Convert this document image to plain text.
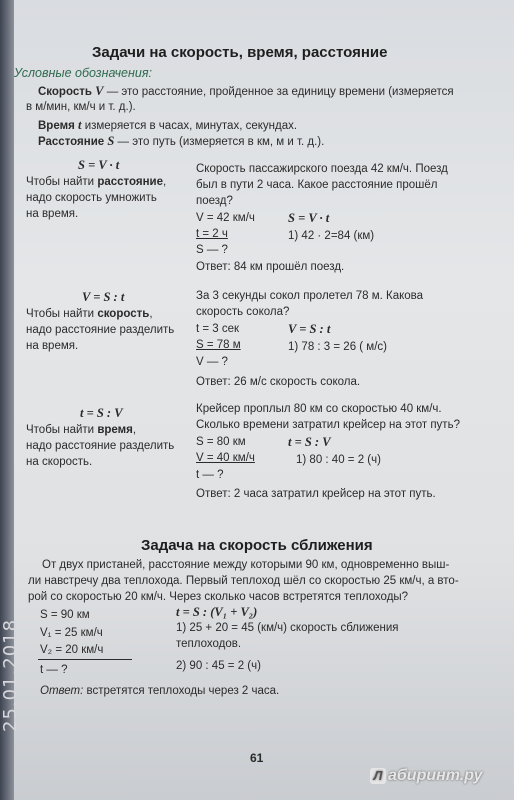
Задачи на скорость, время, расстояние
Условные обозначения:
Скорость V — это расстояние, пройденное за единицу времени (измеряется
в м/мин, км/ч и т. д.).
Время t измеряется в часах, минутах, секундах.
Расстояние S — это путь (измеряется в км, м и т. д.).
S = V · t
Чтобы найти расстояние,
надо скорость умножить
на время.
Скорость пассажирского поезда 42 км/ч. Поезд
был в пути 2 часа. Какое расстояние прошёл
поезд?
V = 42 км/ч	S = V · t
t = 2 ч	1) 42 · 2=84 (км)
S — ?
Ответ: 84 км прошёл поезд.
V = S : t
Чтобы найти скорость,
надо расстояние разделить
на время.
За 3 секунды сокол пролетел 78 м. Какова
скорость сокола?
t = 3 сек	V = S : t
S = 78 м	1) 78 : 3 = 26 ( м/с)
V — ?
Ответ: 26 м/с скорость сокола.
t = S : V
Чтобы найти время,
надо расстояние разделить
на скорость.
Крейсер проплыл 80 км со скоростью 40 км/ч.
Сколько времени затратил крейсер на этот путь?
S = 80 км	t = S : V
V = 40 км/ч	1) 80 : 40 = 2 (ч)
t — ?
Ответ: 2 часа затратил крейсер на этот путь.
Задача на скорость сближения
От двух пристаней, расстояние между которыми 90 км, одновременно выш-
ли навстречу два теплохода. Первый теплоход шёл со скоростью 25 км/ч, а вто-
рой со скоростью 20 км/ч. Через сколько часов встретятся теплоходы?
S = 90 км
V₁ = 25 км/ч
V₂ = 20 км/ч
t — ?
t = S : (V₁ + V₂)
1) 25 + 20 = 45 (км/ч) скорость сближения
теплоходов.
2) 90 : 45 = 2 (ч)
Ответ: встретятся теплоходы через 2 часа.
61
25.01.2018
Л абиринт.ру
